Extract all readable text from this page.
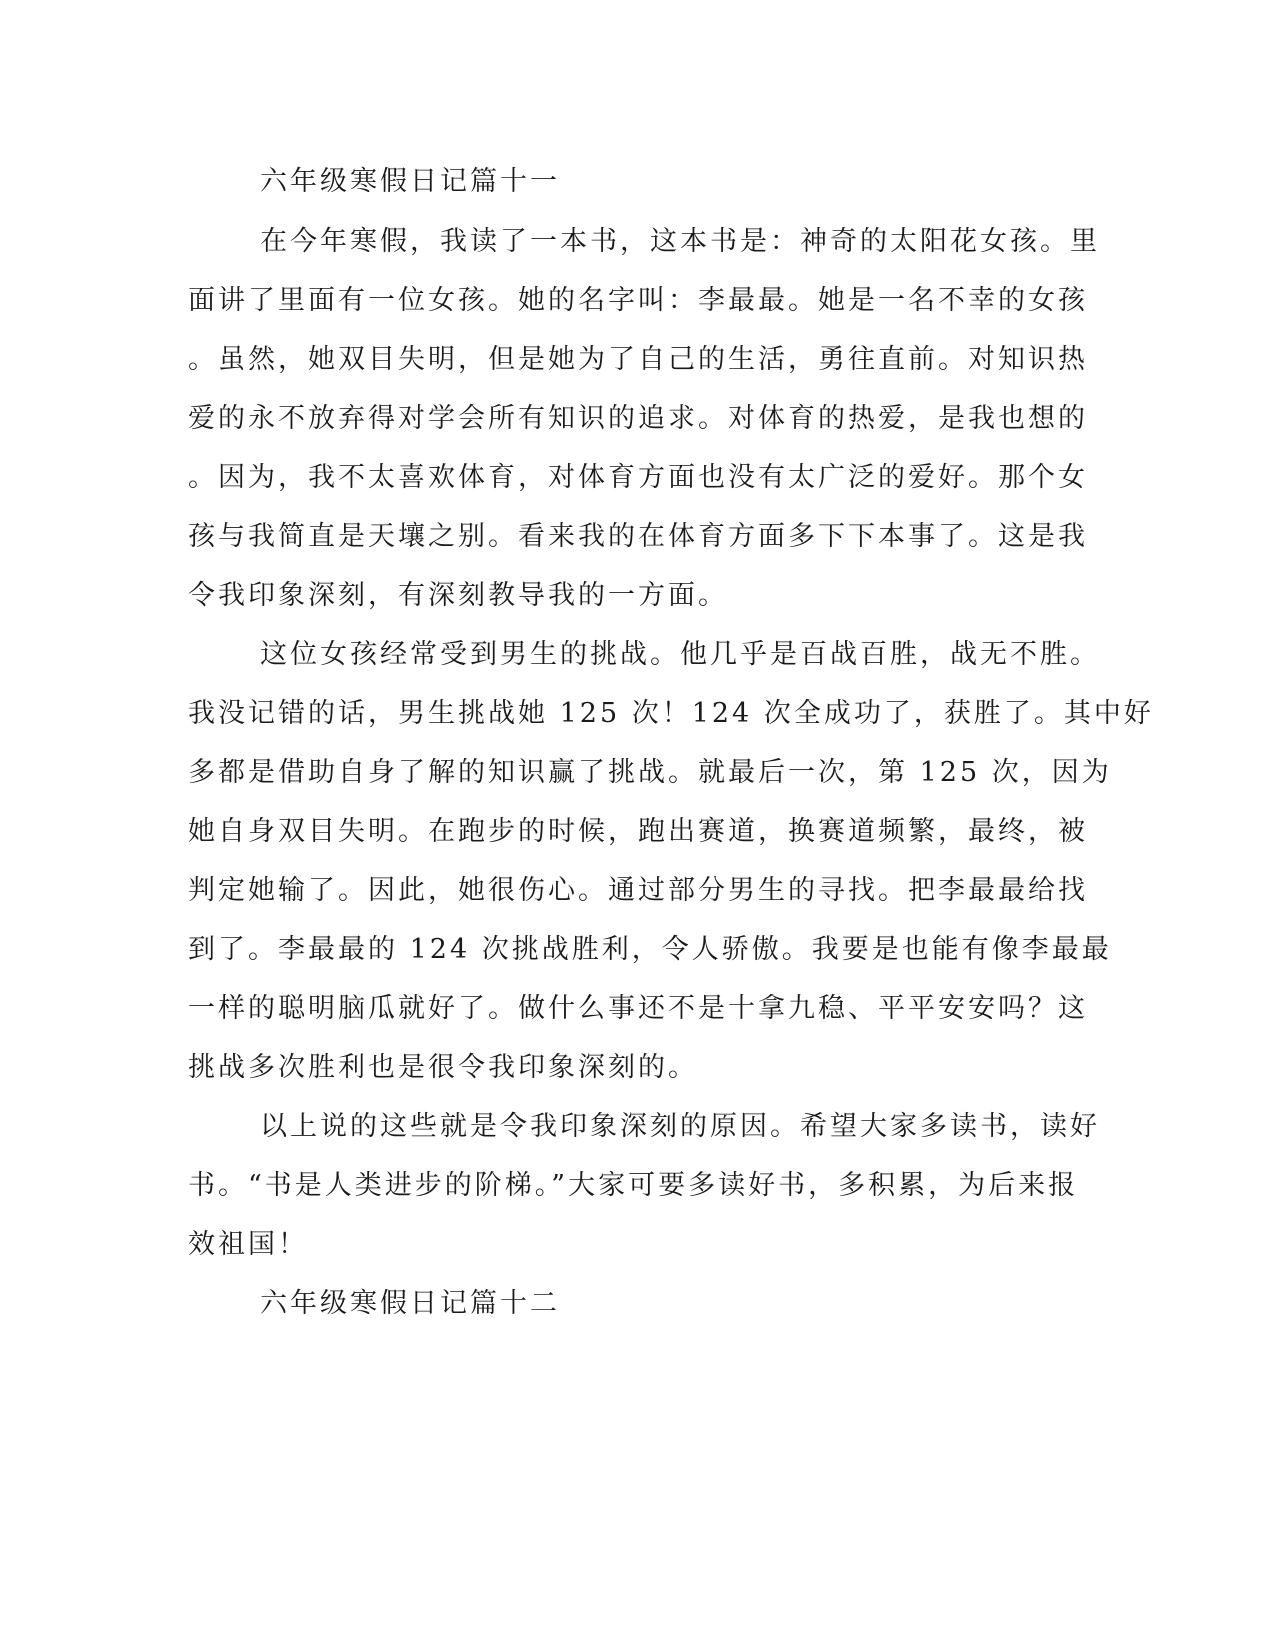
六年级寒假日记篇十一
在今年寒假，我读了一本书，这本书是：神奇的太阳花女孩。里
面讲了里面有一位女孩。她的名字叫：李最最。她是一名不幸的女孩
。虽然，她双目失明，但是她为了自己的生活，勇往直前。对知识热
爱的永不放弃得对学会所有知识的追求。对体育的热爱，是我也想的
。因为，我不太喜欢体育，对体育方面也没有太广泛的爱好。那个女
孩与我简直是天壤之别。看来我的在体育方面多下下本事了。这是我
令我印象深刻，有深刻教导我的一方面。
这位女孩经常受到男生的挑战。他几乎是百战百胜，战无不胜。
我没记错的话，男生挑战她 125 次！124 次全成功了，获胜了。其中好
多都是借助自身了解的知识赢了挑战。就最后一次，第 125 次，因为
她自身双目失明。在跑步的时候，跑出赛道，换赛道频繁，最终，被
判定她输了。因此，她很伤心。通过部分男生的寻找。把李最最给找
到了。李最最的 124 次挑战胜利，令人骄傲。我要是也能有像李最最
一样的聪明脑瓜就好了。做什么事还不是十拿九稳、平平安安吗？这
挑战多次胜利也是很令我印象深刻的。
以上说的这些就是令我印象深刻的原因。希望大家多读书，读好
书。“书是人类进步的阶梯。”大家可要多读好书，多积累，为后来报
效祖国！
六年级寒假日记篇十二
